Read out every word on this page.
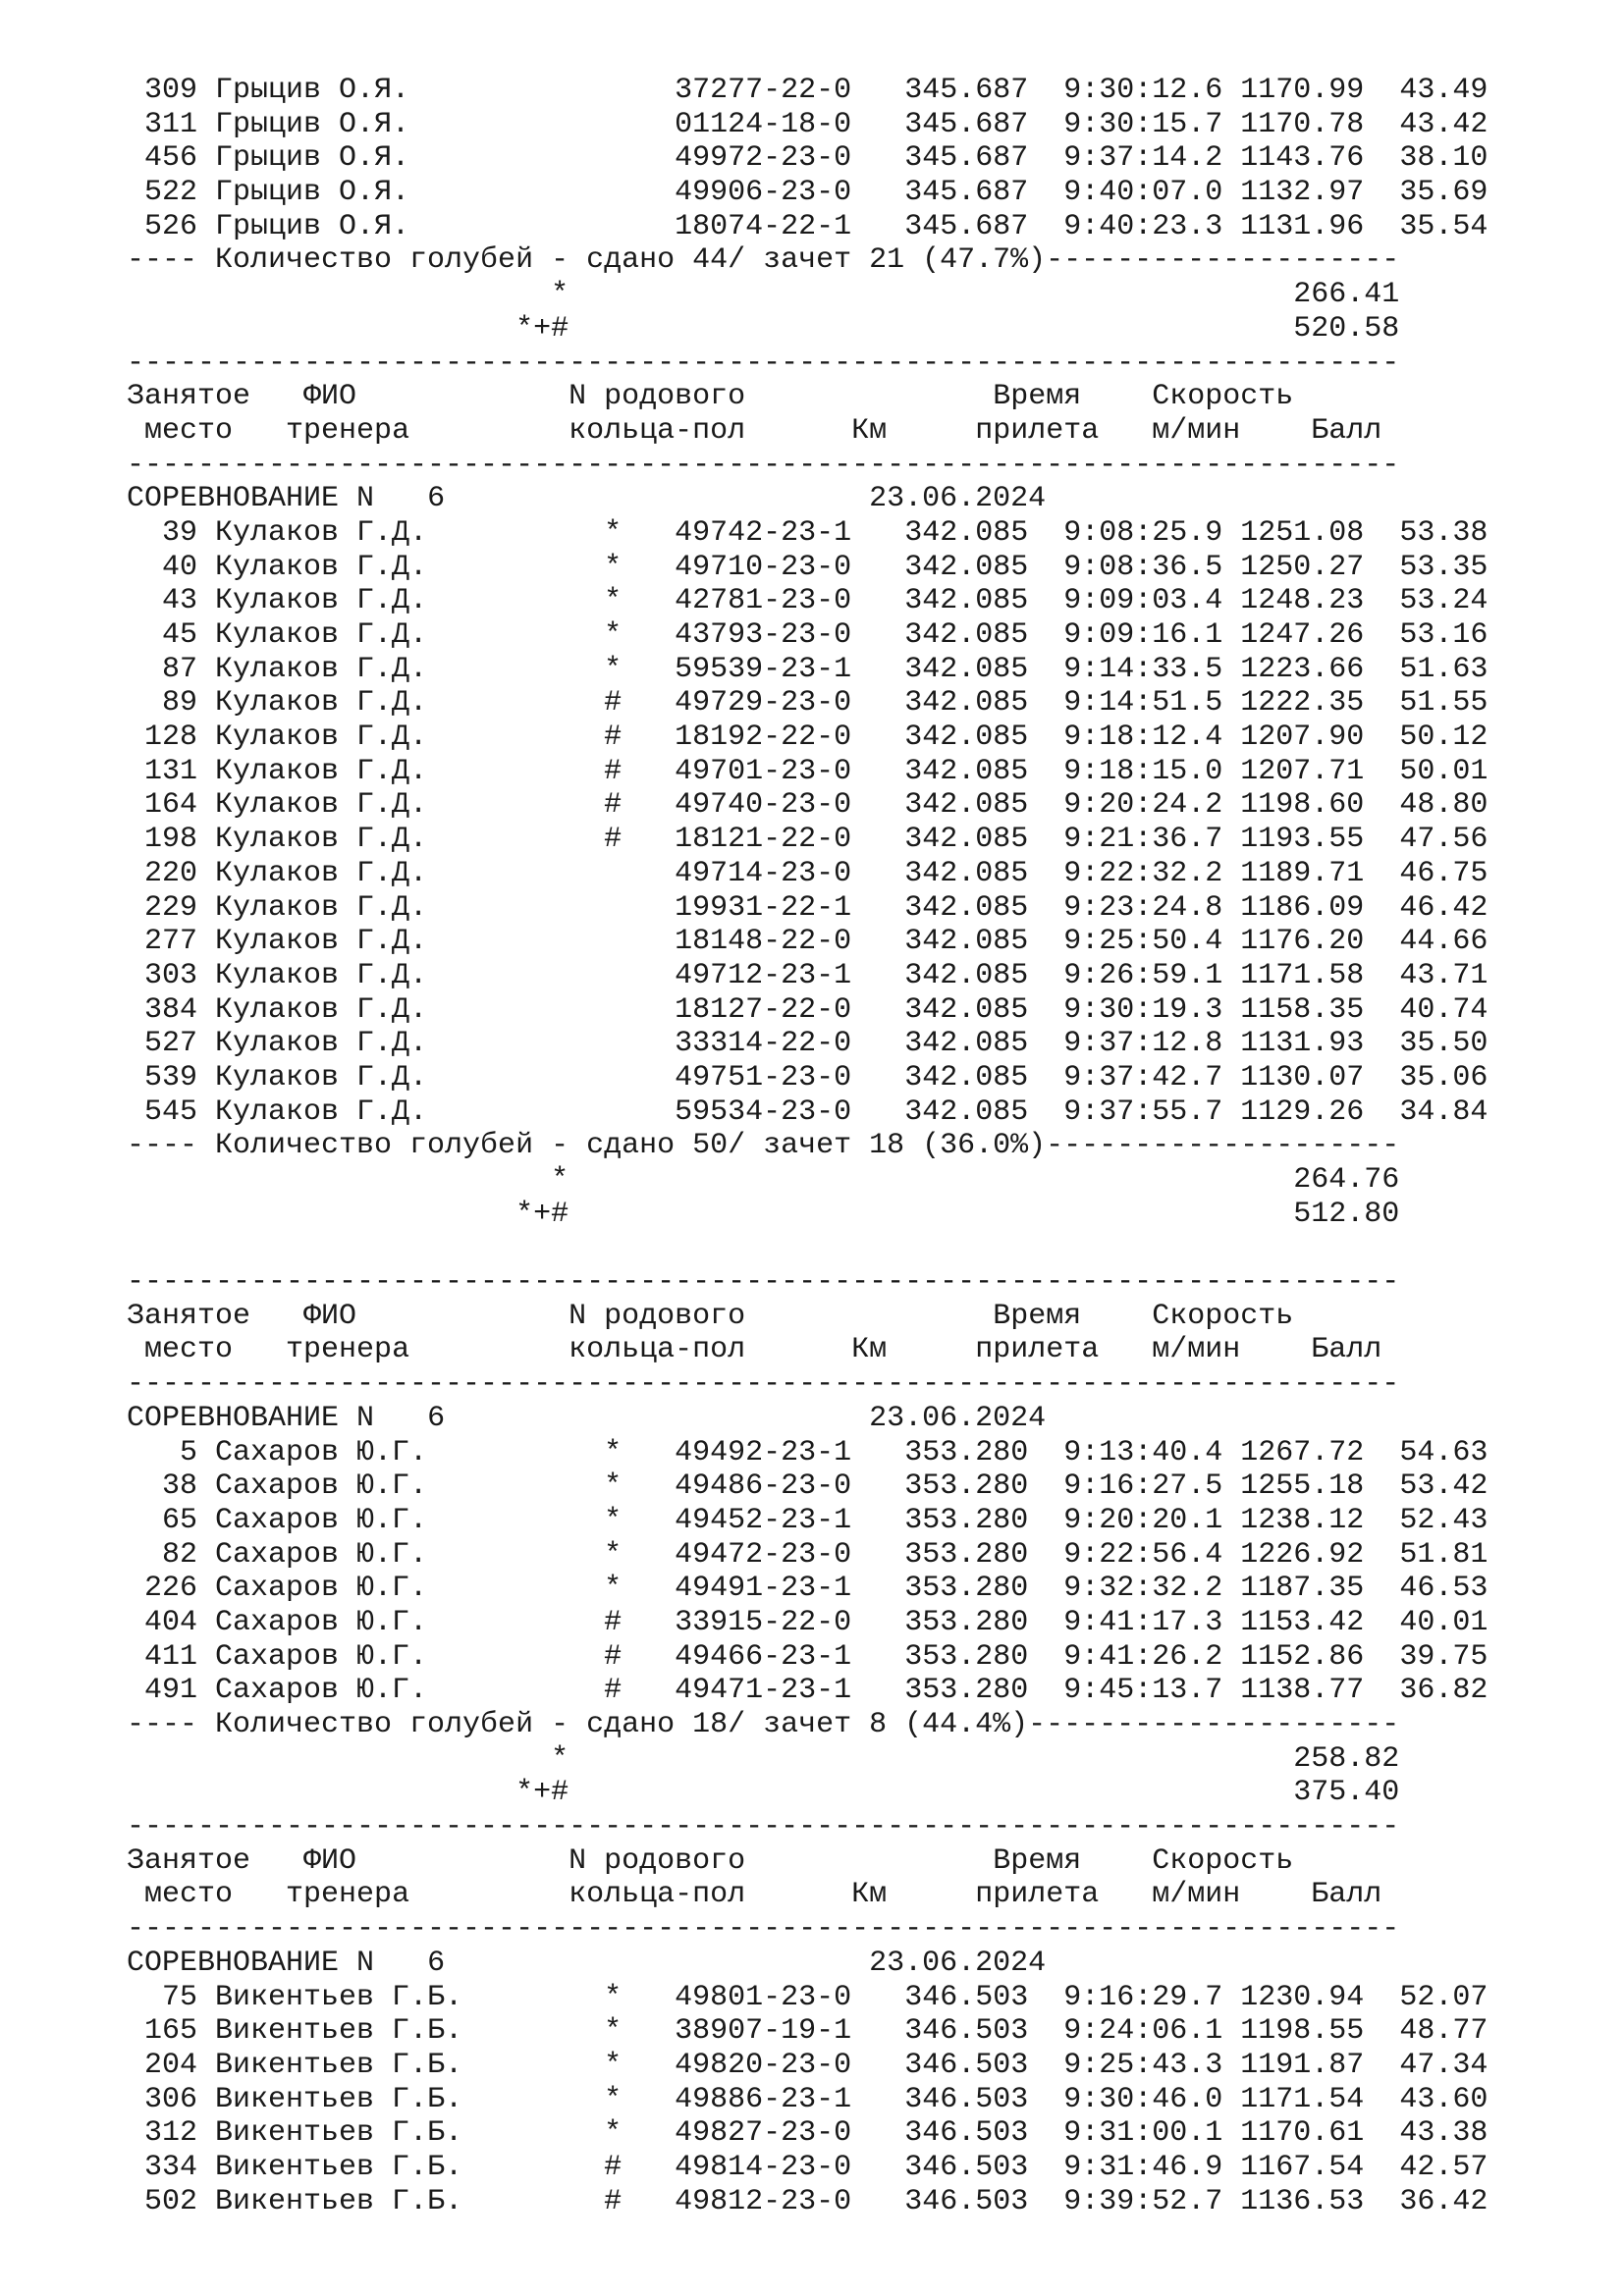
309 Грыцив О.Я.	37277-22-0 345.687 9:30:12.6 1170.99  43.49
311 Грыцив О.Я.	01124-18-0 345.687 9:30:15.7 1170.78  43.42
456 Грыцив О.Я.	49972-23-0 345.687 9:37:14.2 1143.76  38.10
522 Грыцив О.Я.	49906-23-0 345.687 9:40:07.0 1132.97  35.69
526 Грыцив О.Я.	18074-22-1 345.687 9:40:23.3 1131.96  35.54
---- Количество голубей - сдано 44/ зачет 21 (47.7%)--------------------
*                                         266.41
*+#                                         520.58
------------------------------------------------------------------------
Занятое ФИО	N родового	Время Скорость
место тренера	кольца-пол	Км	прилета м/мин Балл
------------------------------------------------------------------------
СОРЕВНОВАНИЕ N 6	23.06.2024
39 Кулаков Г.Д.	* 49742-23-1 342.085 9:08:25.9 1251.08  53.38
40 Кулаков Г.Д.	* 49710-23-0 342.085 9:08:36.5 1250.27  53.35
43 Кулаков Г.Д.	* 42781-23-0 342.085 9:09:03.4 1248.23  53.24
45 Кулаков Г.Д.	* 43793-23-0 342.085 9:09:16.1 1247.26  53.16
87 Кулаков Г.Д.	* 59539-23-1 342.085 9:14:33.5 1223.66  51.63
89 Кулаков Г.Д.	# 49729-23-0 342.085 9:14:51.5 1222.35  51.55
128 Кулаков Г.Д.	# 18192-22-0 342.085 9:18:12.4 1207.90  50.12
131 Кулаков Г.Д.	# 49701-23-0 342.085 9:18:15.0 1207.71  50.01
164 Кулаков Г.Д.	# 49740-23-0 342.085 9:20:24.2 1198.60  48.80
198 Кулаков Г.Д.	# 18121-22-0 342.085 9:21:36.7 1193.55  47.56
220 Кулаков Г.Д.	49714-23-0 342.085 9:22:32.2 1189.71  46.75
229 Кулаков Г.Д.	19931-22-1 342.085 9:23:24.8 1186.09  46.42
277 Кулаков Г.Д.	18148-22-0 342.085 9:25:50.4 1176.20  44.66
303 Кулаков Г.Д.	49712-23-1 342.085 9:26:59.1 1171.58  43.71
384 Кулаков Г.Д.	18127-22-0 342.085 9:30:19.3 1158.35  40.74
527 Кулаков Г.Д.	33314-22-0 342.085 9:37:12.8 1131.93  35.50
539 Кулаков Г.Д.	49751-23-0 342.085 9:37:42.7 1130.07  35.06
545 Кулаков Г.Д.	59534-23-0 342.085 9:37:55.7 1129.26  34.84
---- Количество голубей - сдано 50/ зачет 18 (36.0%)--------------------
*                                         264.76
*+#                                         512.80
------------------------------------------------------------------------
Занятое ФИО	N родового	Время Скорость
место тренера	кольца-пол	Км	прилета м/мин Балл
------------------------------------------------------------------------
СОРЕВНОВАНИЕ N 6	23.06.2024
5 Сахаров Ю.Г.	* 49492-23-1 353.280 9:13:40.4 1267.72  54.63
38 Сахаров Ю.Г.	* 49486-23-0 353.280 9:16:27.5 1255.18  53.42
65 Сахаров Ю.Г.	* 49452-23-1 353.280 9:20:20.1 1238.12  52.43
82 Сахаров Ю.Г.	* 49472-23-0 353.280 9:22:56.4 1226.92  51.81
226 Сахаров Ю.Г.	* 49491-23-1 353.280 9:32:32.2 1187.35  46.53
404 Сахаров Ю.Г.	# 33915-22-0 353.280 9:41:17.3 1153.42  40.01
411 Сахаров Ю.Г.	# 49466-23-1 353.280 9:41:26.2 1152.86  39.75
491 Сахаров Ю.Г.	# 49471-23-1 353.280 9:45:13.7 1138.77  36.82
---- Количество голубей - сдано 18/ зачет 8 (44.4%)---------------------
*                                         258.82
*+#                                         375.40
------------------------------------------------------------------------
Занятое ФИО	N родового	Время Скорость
место тренера	кольца-пол	Км	прилета м/мин Балл
------------------------------------------------------------------------
СОРЕВНОВАНИЕ N 6	23.06.2024
75 Викентьев Г.Б.	* 49801-23-0 346.503 9:16:29.7 1230.94  52.07
165 Викентьев Г.Б.	* 38907-19-1 346.503 9:24:06.1 1198.55  48.77
204 Викентьев Г.Б.	* 49820-23-0 346.503 9:25:43.3 1191.87  47.34
306 Викентьев Г.Б.	* 49886-23-1 346.503 9:30:46.0 1171.54  43.60
312 Викентьев Г.Б.	* 49827-23-0 346.503 9:31:00.1 1170.61  43.38
334 Викентьев Г.Б.	# 49814-23-0 346.503 9:31:46.9 1167.54  42.57
502 Викентьев Г.Б.	# 49812-23-0 346.503 9:39:52.7 1136.53  36.42
